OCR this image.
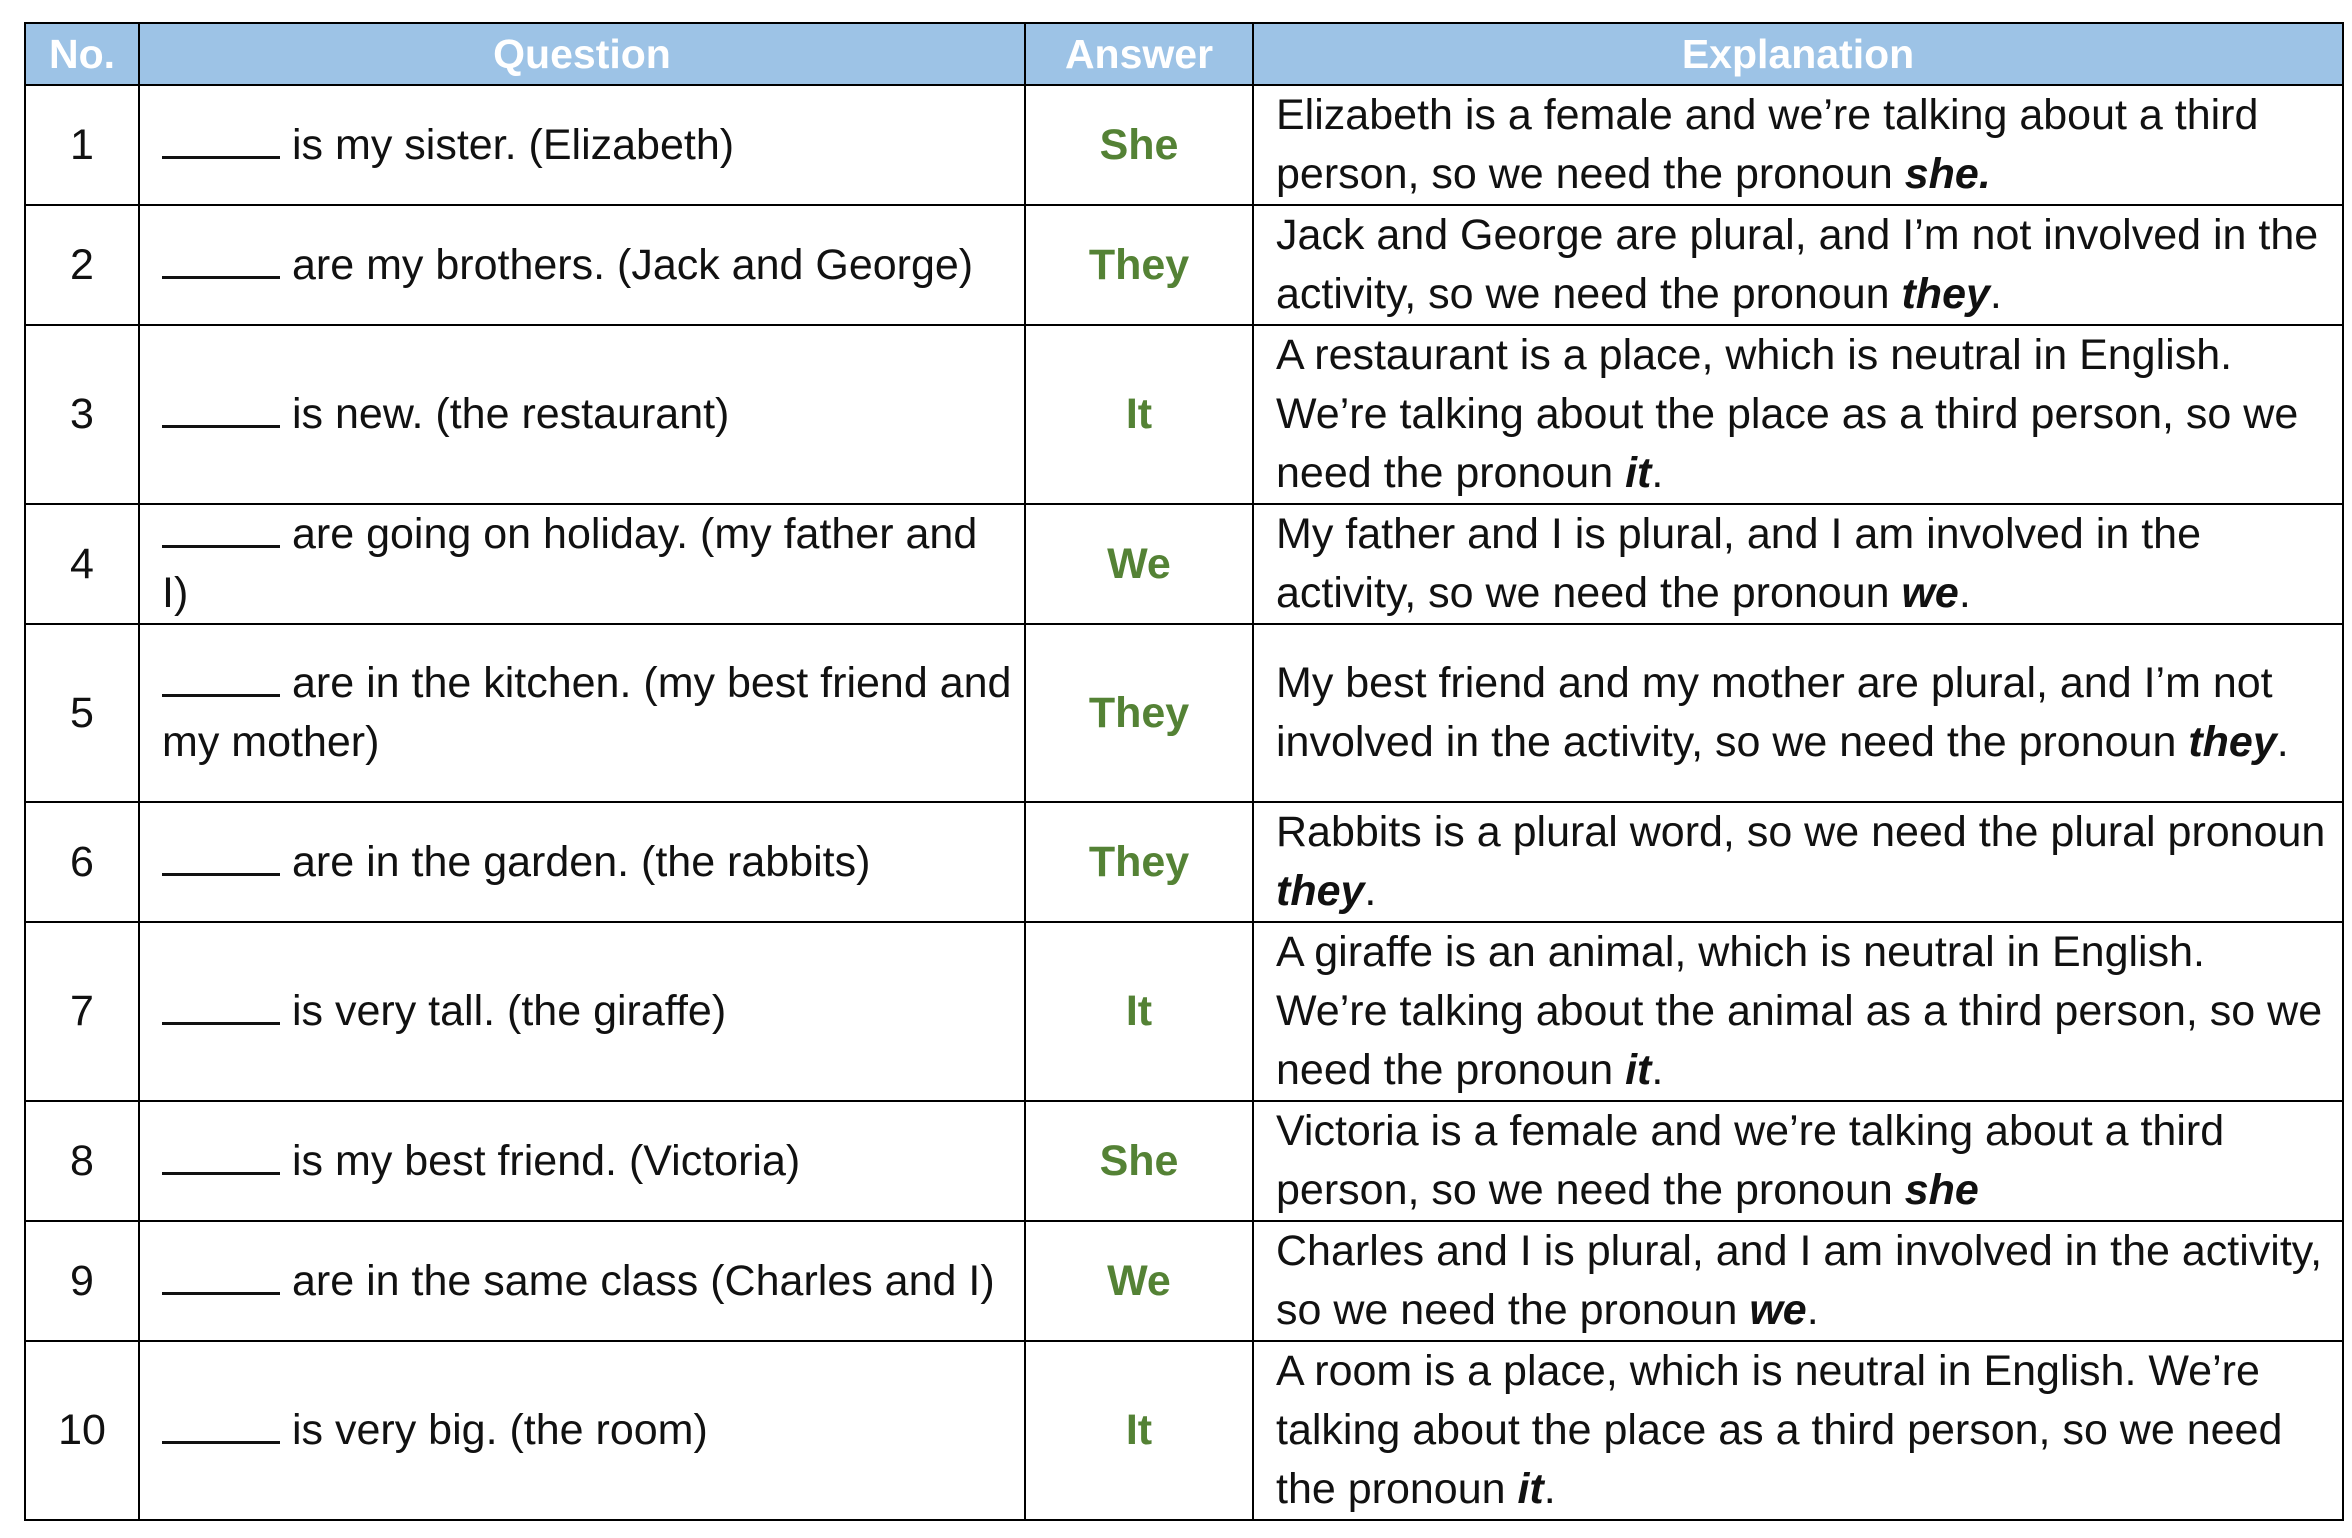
No.	Question	Answer	Explanation
1	is my sister. (Elizabeth)	She	Elizabeth is a female and we’re talking about a third person, so we need the pronoun she.
2	are my brothers. (Jack and George)	They	Jack and George are plural, and I’m not involved in the activity, so we need the pronoun they.
3	is new. (the restaurant)	It	A restaurant is a place, which is neutral in English. We’re talking about the place as a third person, so we need the pronoun it.
4	are going on holiday. (my father and I)	We	My father and I is plural, and I am involved in the activity, so we need the pronoun we.
5	are in the kitchen. (my best friend and my mother)	They	My best friend and my mother are plural, and I’m not involved in the activity, so we need the pronoun they.
6	are in the garden. (the rabbits)	They	Rabbits is a plural word, so we need the plural pronoun they.
7	is very tall. (the giraffe)	It	A giraffe is an animal, which is neutral in English. We’re talking about the animal as a third person, so we need the pronoun it.
8	is my best friend. (Victoria)	She	Victoria is a female and we’re talking about a third person, so we need the pronoun she
9	are in the same class (Charles and I)	We	Charles and I is plural, and I am involved in the activity, so we need the pronoun we.
10	is very big. (the room)	It	A room is a place, which is neutral in English. We’re talking about the place as a third person, so we need the pronoun it.
